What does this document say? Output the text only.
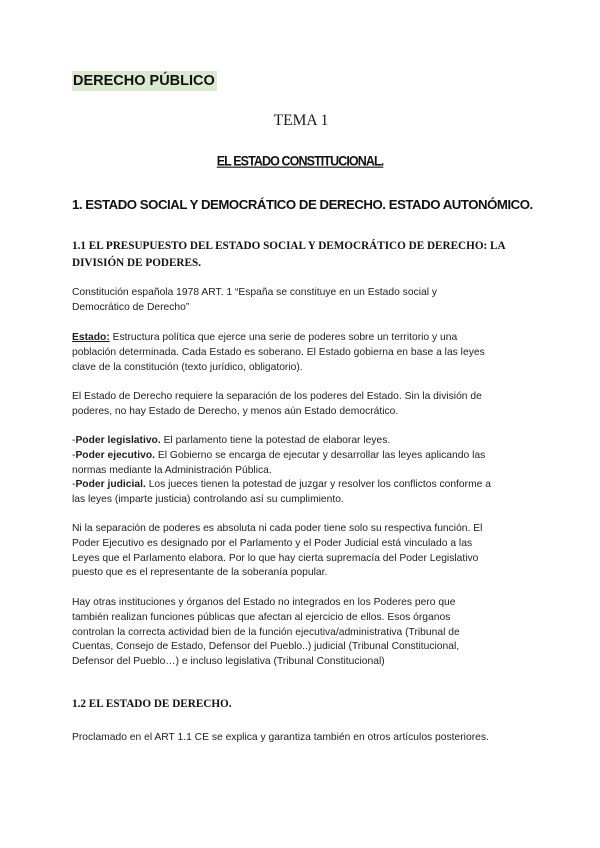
DERECHO PÚBLICO
TEMA 1
EL ESTADO CONSTITUCIONAL.
1. ESTADO SOCIAL Y DEMOCRÁTICO DE DERECHO. ESTADO AUTONÓMICO.
1.1 EL PRESUPUESTO DEL ESTADO SOCIAL Y DEMOCRÁTICO DE DERECHO: LA
DIVISIÓN DE PODERES.
Constitución española 1978 ART. 1 “España se constituye en un Estado social y
Democrático de Derecho”
Estado: Estructura política que ejerce una serie de poderes sobre un territorio y una
población determinada. Cada Estado es soberano. El Estado gobierna en base a las leyes
clave de la constitución (texto jurídico, obligatorio).
El Estado de Derecho requiere la separación de los poderes del Estado. Sin la división de
poderes, no hay Estado de Derecho, y menos aún Estado democrático.
-Poder legislativo. El parlamento tiene la potestad de elaborar leyes.
-Poder ejecutivo. El Gobierno se encarga de ejecutar y desarrollar las leyes aplicando las
normas mediante la Administración Pública.
-Poder judicial. Los jueces tienen la potestad de juzgar y resolver los conflictos conforme a
las leyes (imparte justicia) controlando así su cumplimiento.
Ni la separación de poderes es absoluta ni cada poder tiene solo su respectiva función. El
Poder Ejecutivo es designado por el Parlamento y el Poder Judicial está vinculado a las
Leyes que el Parlamento elabora. Por lo que hay cierta supremacía del Poder Legislativo
puesto que es el representante de la soberanía popular.
Hay otras instituciones y órganos del Estado no integrados en los Poderes pero que
también realizan funciones públicas que afectan al ejercicio de ellos. Esos órganos
controlan la correcta actividad bien de la función ejecutiva/administrativa (Tribunal de
Cuentas, Consejo de Estado, Defensor del Pueblo..) judicial (Tribunal Constitucional,
Defensor del Pueblo…) e incluso legislativa (Tribunal Constitucional)
1.2 EL ESTADO DE DERECHO.
Proclamado en el ART 1.1 CE se explica y garantiza también en otros artículos posteriores.
